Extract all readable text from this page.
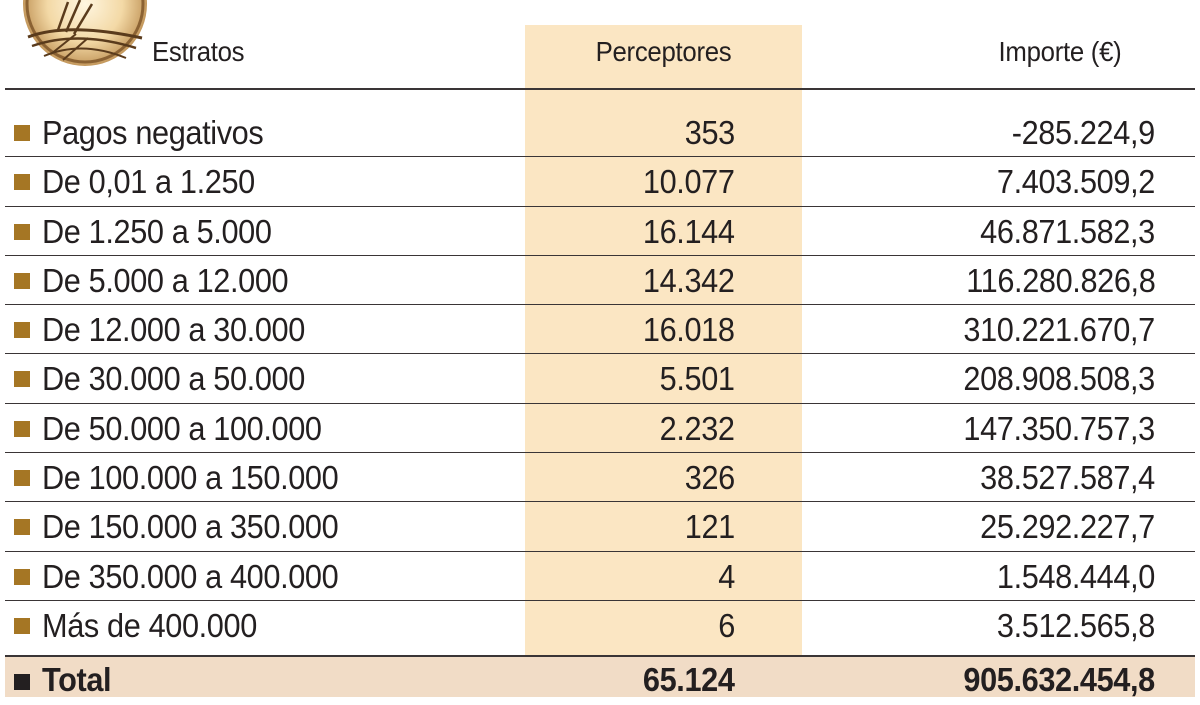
Estratos	Perceptores	Importe (€)
Pagos negativos	353	-285.224,9
De 0,01 a 1.250	10.077	7.403.509,2
De 1.250 a 5.000	16.144	46.871.582,3
De 5.000 a 12.000	14.342	116.280.826,8
De 12.000 a 30.000	16.018	310.221.670,7
De 30.000 a 50.000	5.501	208.908.508,3
De 50.000 a 100.000	2.232	147.350.757,3
De 100.000 a 150.000	326	38.527.587,4
De 150.000 a 350.000	121	25.292.227,7
De 350.000 a 400.000	4	1.548.444,0
Más de 400.000	6	3.512.565,8
Total	65.124	905.632.454,8
